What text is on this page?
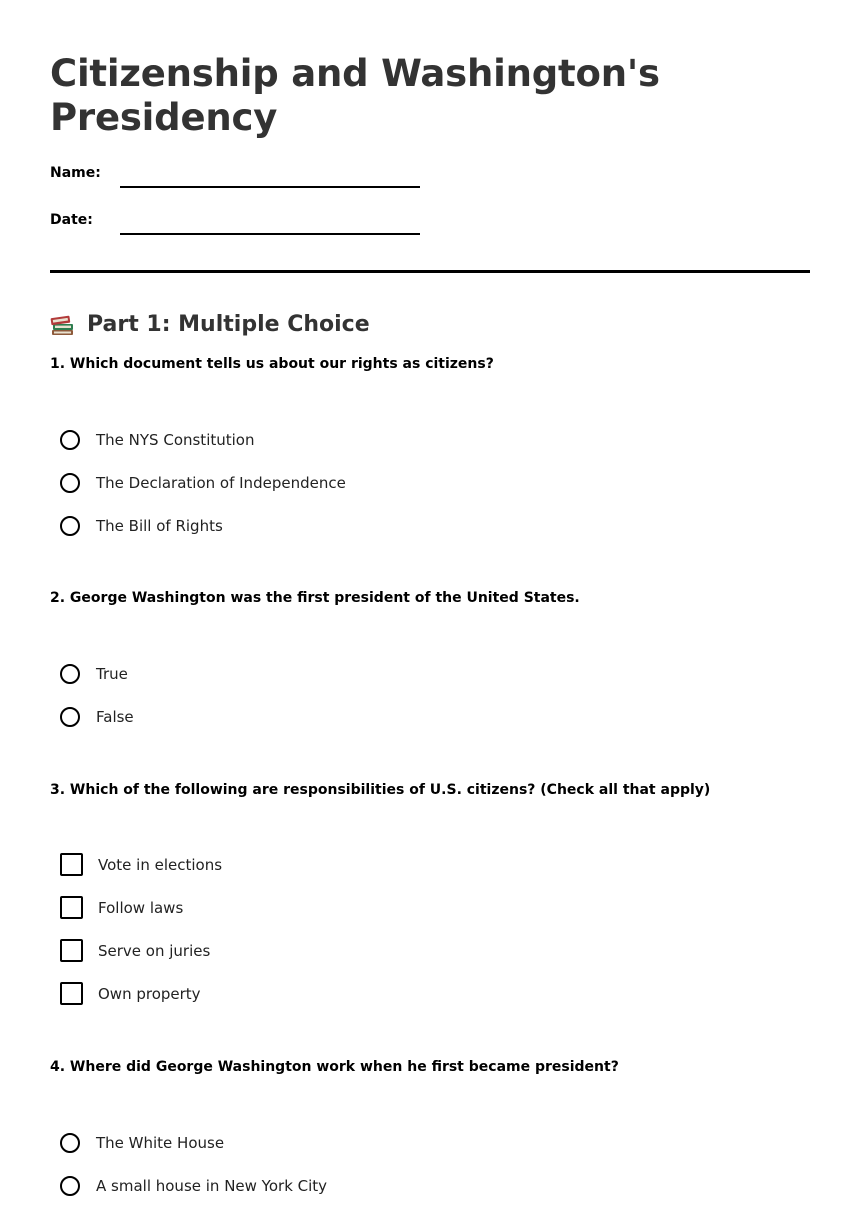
Citizenship and Washington's
Presidency
Name:
Date:
Part 1: Multiple Choice
1. Which document tells us about our rights as citizens?
The NYS Constitution
The Declaration of Independence
The Bill of Rights
2. George Washington was the first president of the United States.
True
False
3. Which of the following are responsibilities of U.S. citizens? (Check all that apply)
Vote in elections
Follow laws
Serve on juries
Own property
4. Where did George Washington work when he first became president?
The White House
A small house in New York City
